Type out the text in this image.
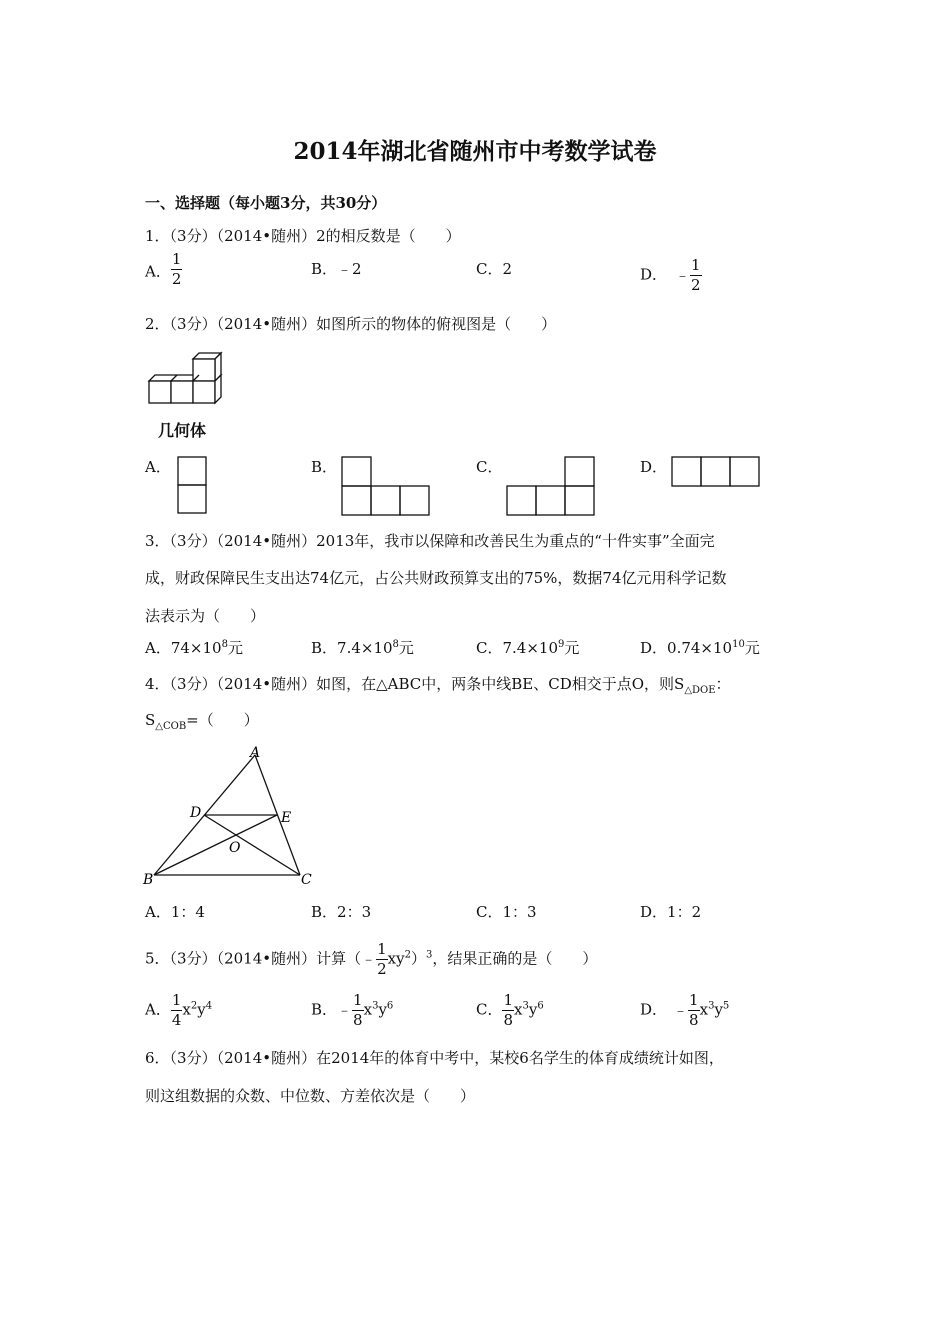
2014年湖北省随州市中考数学试卷
一、选择题（每小题3分，共30分）
1．（3分）（2014•随州）2的相反数是（　　）
A． $\frac{1}{2}$	B．﹣2	C．2	D． ﹣ $\frac{1}{2}$
2．（3分）（2014•随州）如图所示的物体的俯视图是（　　）
几何体
A．	B．	C．	D．
3．（3分）（2014•随州）2013年，我市以保障和改善民生为重点的“十件实事”全面完
成，财政保障民生支出达74亿元，占公共财政预算支出的75%，数据74亿元用科学记数
法表示为（　　）
A．$74\times 10^8$元	B．$7.4\times 10^8$元	C．$7.4\times 10^9$元	D．$0.74\times 10^{10}$元
4．（3分）（2014•随州）如图，在△ABC中，两条中线BE、CD相交于点O，则$S_{\triangle DOE}$：
$S_{\triangle COB}=$（　　）
A
D	E
O
B	C
A．1：4	B．2：3	C．1：3	D．1：2
5．（3分）（2014•随州）计算（﹣ $\frac{1}{2} xy^2)^3$，结果正确的是（　　）
A． $\frac{1}{4} x^2y^4$	B．﹣ $\frac{1}{8} x^3y^6$	C． $\frac{1}{8} x^3y^6$	D． ﹣ $\frac{1}{8} x^3y^5$
6．（3分）（2014•随州）在2014年的体育中考中，某校6名学生的体育成绩统计如图，
则这组数据的众数、中位数、方差依次是（　　）
